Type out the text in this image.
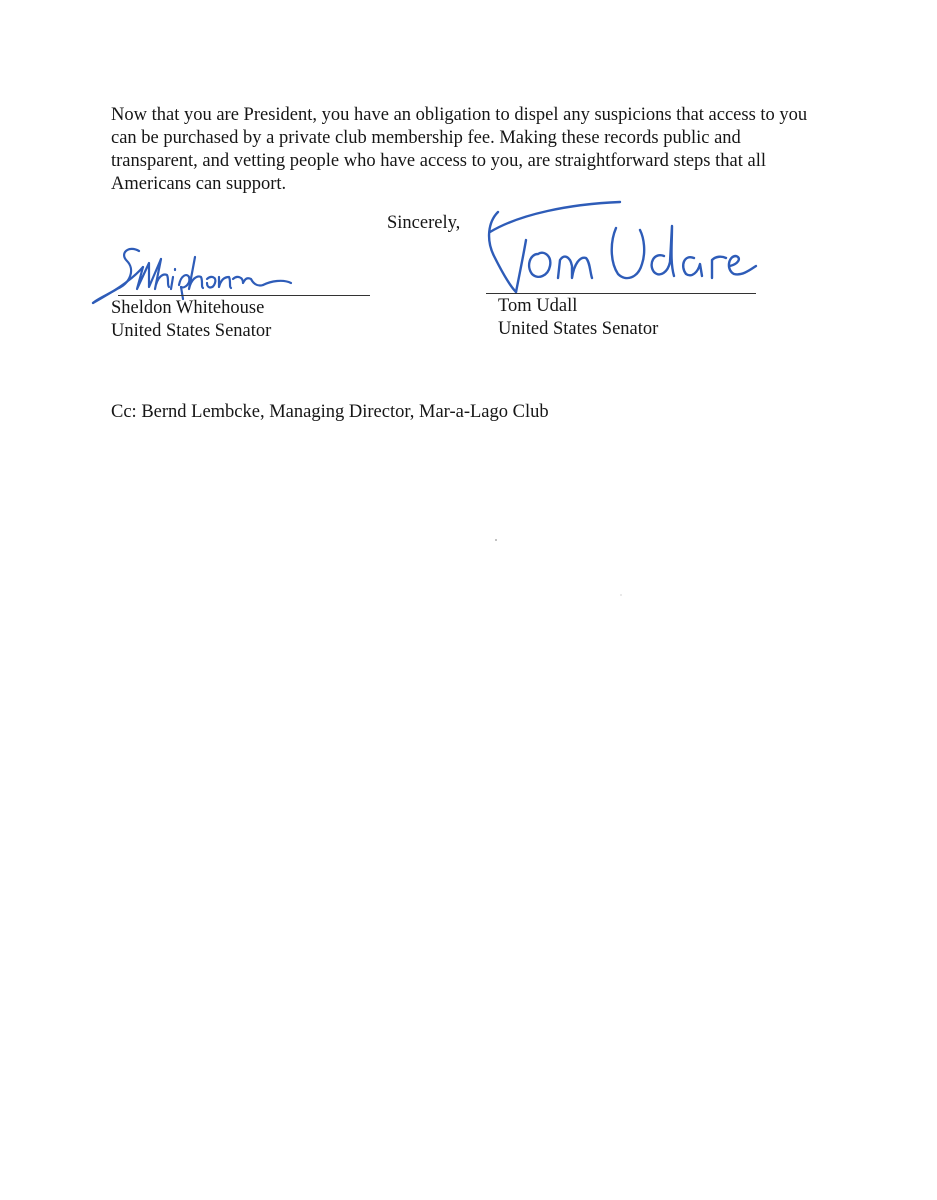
Now that you are President, you have an obligation to dispel any suspicions that access to you
can be purchased by a private club membership fee. Making these records public and
transparent, and vetting people who have access to you, are straightforward steps that all
Americans can support.

Sincerely,
Sheldon Whitehouse
United States Senator
Tom Udall
United States Senator
Cc: Bernd Lembcke, Managing Director, Mar-a-Lago Club
